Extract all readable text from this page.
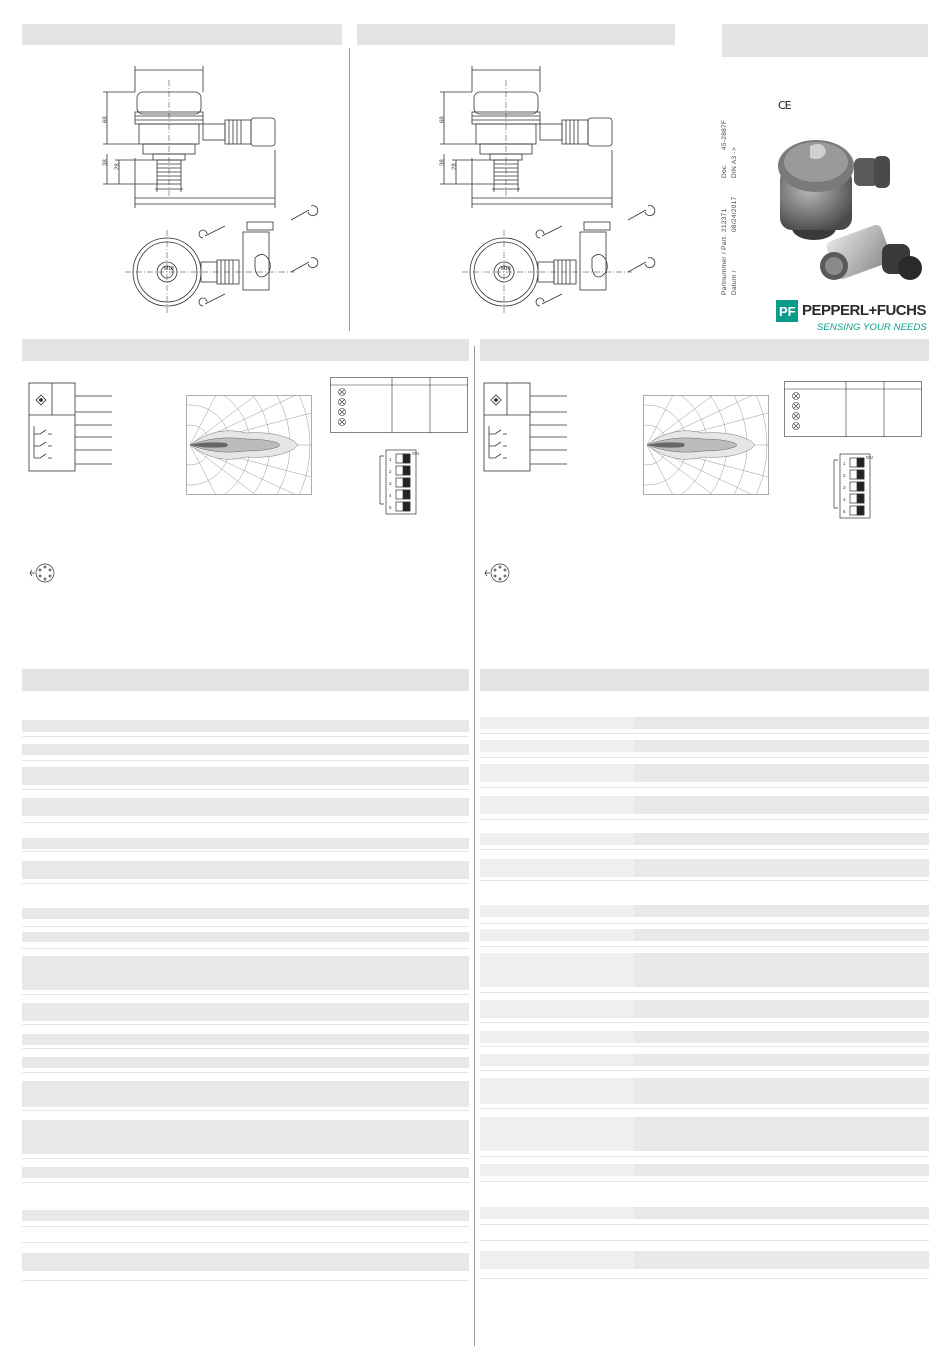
M18
68
38
28
M18
68
38
28
CE
Doc.
45-2887F
DIN A3 ->
Partnummer / Part.
212371
Datum /
08/24/2017
PF PEPPERL+FUCHS
SENSING YOUR NEEDS
1
2
3
4
5
ON
1
2
3
4
5
ON
